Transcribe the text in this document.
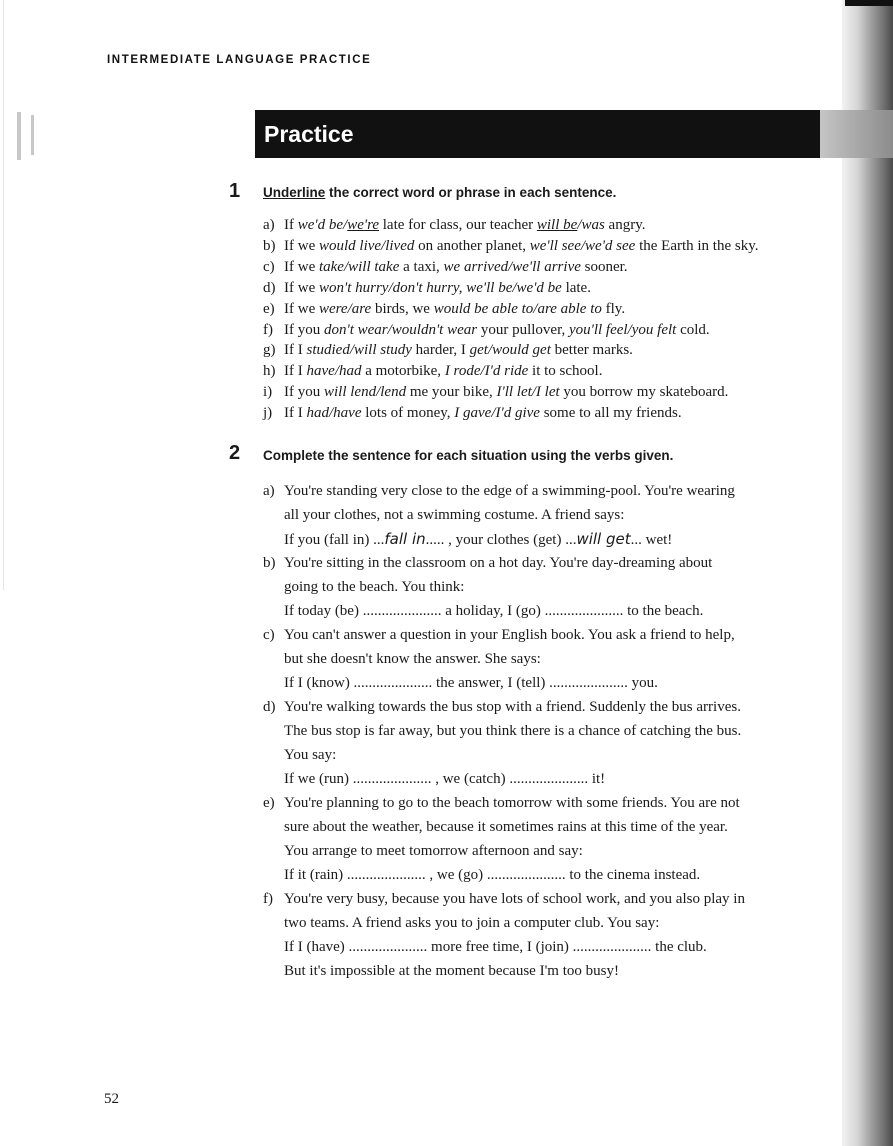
INTERMEDIATE LANGUAGE PRACTICE
Practice
1 Underline the correct word or phrase in each sentence.
a) If we'd be/we're late for class, our teacher will be/was angry.
b) If we would live/lived on another planet, we'll see/we'd see the Earth in the sky.
c) If we take/will take a taxi, we arrived/we'll arrive sooner.
d) If we won't hurry/don't hurry, we'll be/we'd be late.
e) If we were/are birds, we would be able to/are able to fly.
f) If you don't wear/wouldn't wear your pullover, you'll feel/you felt cold.
g) If I studied/will study harder, I get/would get better marks.
h) If I have/had a motorbike, I rode/I'd ride it to school.
i) If you will lend/lend me your bike, I'll let/I let you borrow my skateboard.
j) If I had/have lots of money, I gave/I'd give some to all my friends.
2 Complete the sentence for each situation using the verbs given.
a) You're standing very close to the edge of a swimming-pool. You're wearing
all your clothes, not a swimming costume. A friend says:
If you (fall in) ...

fall in..... , your clothes (get) ...will get... wet!
b) You're sitting in the classroom on a hot day. You're day-dreaming about
going to the beach. You think:
If today (be) ..................... a holiday, I (go) ..................... to the beach.
c) You can't answer a question in your English book. You ask a friend to help,
but she doesn't know the answer. She says:
If I (know) ..................... the answer, I (tell) ..................... you.
d) You're walking towards the bus stop with a friend. Suddenly the bus arrives.
The bus stop is far away, but you think there is a chance of catching the bus.
You say:
If we (run) ..................... , we (catch) ..................... it!
e) You're planning to go to the beach tomorrow with some friends. You are not
sure about the weather, because it sometimes rains at this time of the year.
You arrange to meet tomorrow afternoon and say:
If it (rain) ..................... , we (go) ..................... to the cinema instead.
f) You're very busy, because you have lots of school work, and you also play in
two teams. A friend asks you to join a computer club. You say:
If I (have) ..................... more free time, I (join) ..................... the club.
But it's impossible at the moment because I'm too busy!
52
